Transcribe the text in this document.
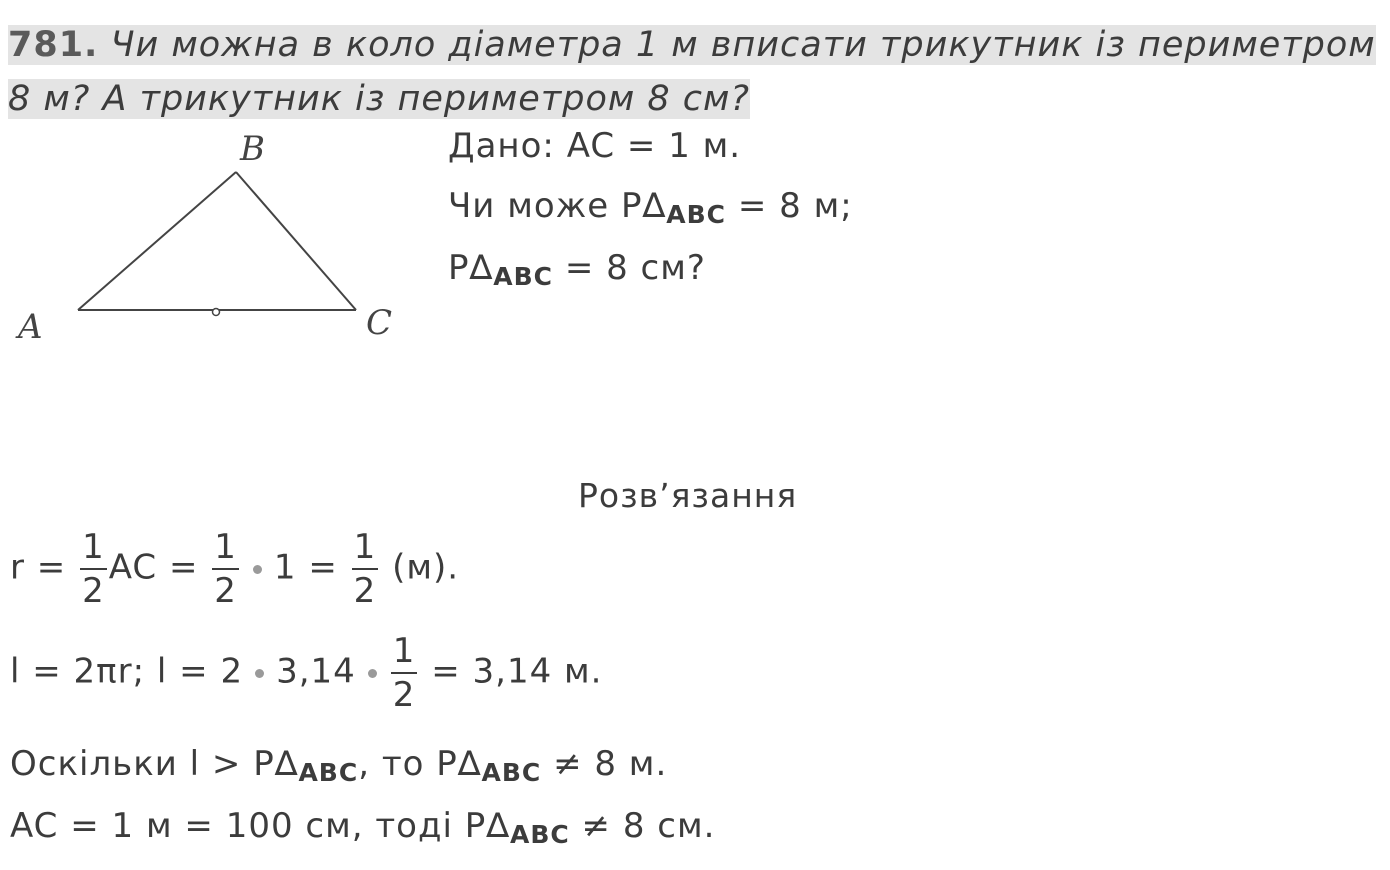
781. Чи можна в коло діаметра 1 м вписати трикутник із периметром
8 м? А трикутник із периметром 8 см?
A
B
C
Дано: AC = 1 м.
Чи може $P\Delta_{ABC} = 8$ м;
$P\Delta_{ABC} = 8$ см?
Розв’язання
$r = \frac{1}{2}$ AC = $\frac{1}{2} 1 = \frac{1}{2} (м)$.
l = 2πr; l = 2 $3,14 \frac{1}{2} = 3,14$ м.
Оскільки $l > P\Delta_{ABC}$, то $P\Delta_{ABC} \ne 8$ м.
AC = 1 м = 100 см, тоді $P\Delta_{ABC} \ne 8$ см.
